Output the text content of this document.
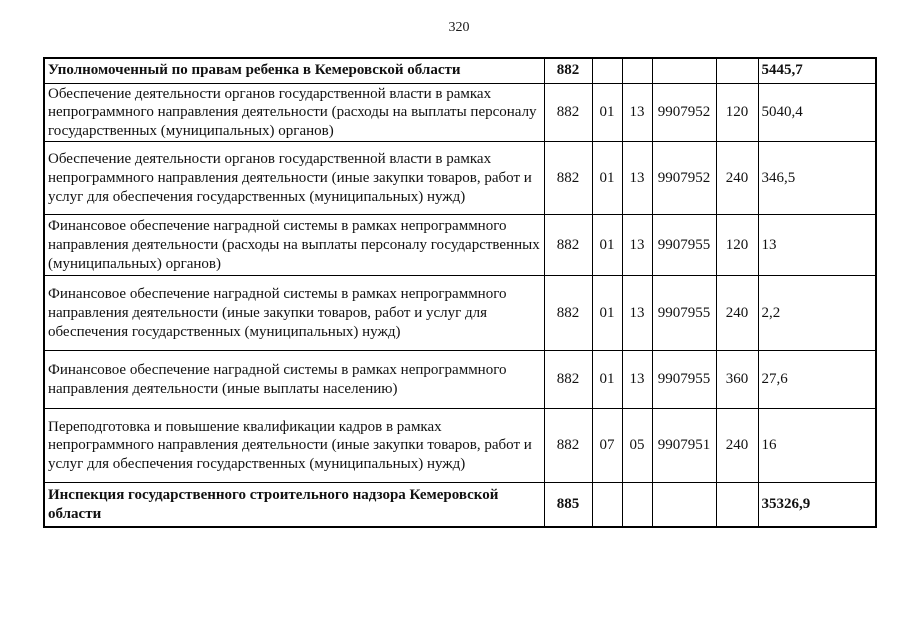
320
Уполномоченный по правам ребенка в Кемеровской области	882					5445,7
Обеспечение деятельности органов государственной власти в рамках непрограммного направления деятельности (расходы на выплаты персоналу государственных (муниципальных) органов)	882	01	13	9907952	120	5040,4
Обеспечение деятельности органов государственной власти в рамках непрограммного направления деятельности (иные закупки товаров, работ и услуг для обеспечения государственных (муниципальных) нужд)	882	01	13	9907952	240	346,5
Финансовое обеспечение наградной системы в рамках непрограммного направления деятельности (расходы на выплаты персоналу государственных (муниципальных) органов)	882	01	13	9907955	120	13
Финансовое обеспечение наградной системы в рамках непрограммного направления деятельности (иные закупки товаров, работ и услуг для обеспечения государственных (муниципальных) нужд)	882	01	13	9907955	240	2,2
Финансовое обеспечение наградной системы в рамках непрограммного направления деятельности (иные выплаты населению)	882	01	13	9907955	360	27,6
Переподготовка и повышение квалификации кадров в рамках непрограммного направления деятельности (иные закупки товаров, работ и услуг для обеспечения государственных (муниципальных) нужд)	882	07	05	9907951	240	16
Инспекция государственного строительного надзора Кемеровской области	885					35326,9
